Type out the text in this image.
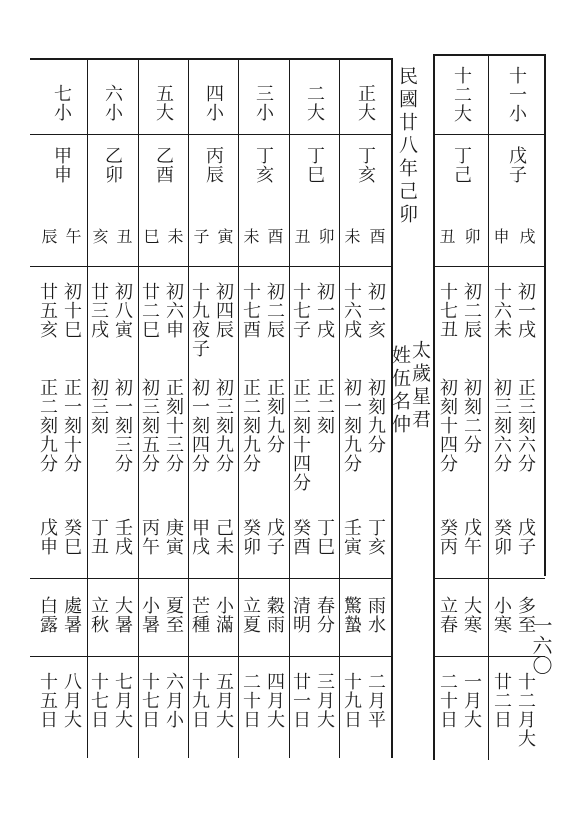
民國廿八年己卯
太歲星君
姓伍名仲
十一小
戊子
申 戌
初一戌
十六未
正三刻六分
初三刻六分
戊子
癸卯
多至
小寒
十二月大
廿二日
十二大
丁己
丑 卯
初二辰
十七丑
初刻二分
初刻十四分
戊午
癸丙
大寒
立春
一月大
二十日
正大
丁亥
酉
未
初一亥
十六戌
初刻九分
初一刻九分
丁亥
壬寅
雨水
驚蟄
二月平
十九日
二大
丁巳
卯
丑
初一戌
十七子
正二刻
正二刻十四分
丁巳
癸酉
春分
清明
三月大
廿一日
三小
丁亥
酉
未
初二辰
十七酉
正刻九分
正二刻九分
戊子
癸卯
穀雨
立夏
四月大
二十日
四小
丙辰
寅
子
初四辰
十九夜子
初三刻九分
初一刻四分
己未
甲戌
小滿
芒種
五月大
十九日
五大
乙酉
未
巳
初六申
廿二巳
正刻十三分
初三刻五分
庚寅
丙午
夏至
小暑
六月小
十七日
六小
乙卯
丑
亥
初八寅
廿三戌
初一刻三分
初三刻
壬戌
丁丑
大暑
立秋
七月大
十七日
七小
甲申
午
辰
初十巳
廿五亥
正一刻十分
正二刻九分
癸巳
戊申
處暑
白露
八月大
十五日
一六〇
